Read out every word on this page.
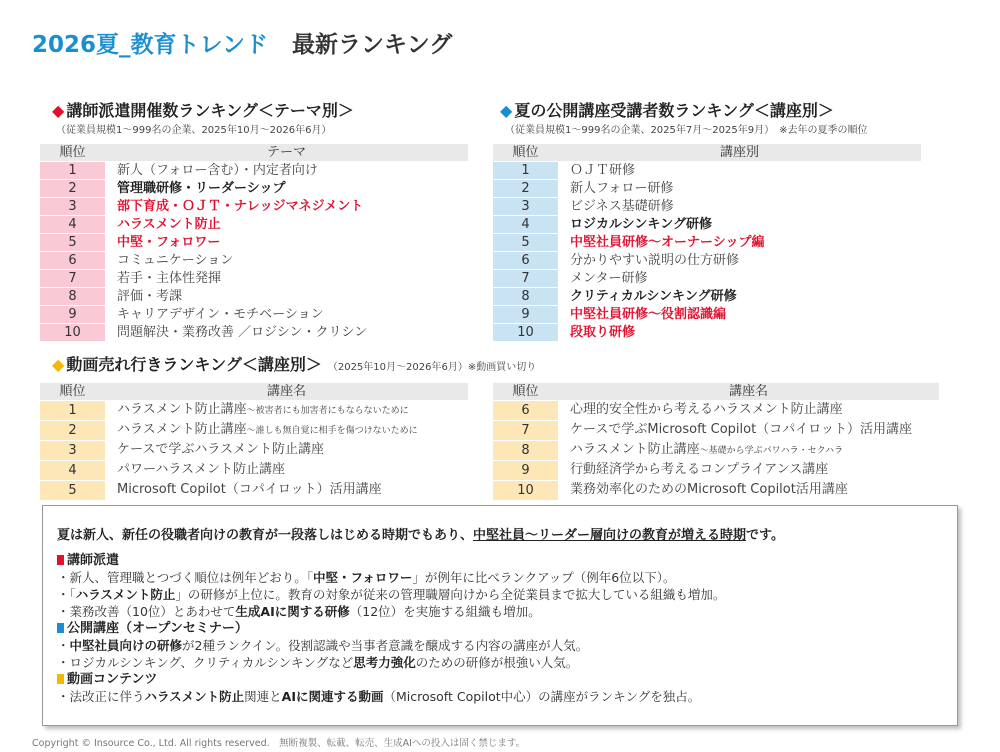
2026夏_教育トレンド 最新ランキング
◆ 講師派遣開催数ランキング＜テーマ別＞
（従業員規模1～999名の企業、2025年10月～2026年6月）
順位	テーマ
1	新人（フォロー含む）・内定者向け
2	管理職研修・リーダーシップ
3	部下育成・ＯＪＴ・ナレッジマネジメント
4	ハラスメント防止
5	中堅・フォロワー
6	コミュニケーション
7	若手・主体性発揮
8	評価・考課
9	キャリアデザイン・モチベーション
10	問題解決・業務改善 ／ロジシン・クリシン
◆ 夏の公開講座受講者数ランキング＜講座別＞
（従業員規模1～999名の企業、2025年7月～2025年9月）　※去年の夏季の順位
順位	講座別
1	ＯＪＴ研修
2	新人フォロー研修
3	ビジネス基礎研修
4	ロジカルシンキング研修
5	中堅社員研修～オーナーシップ編
6	分かりやすい説明の仕方研修
7	メンター研修
8	クリティカルシンキング研修
9	中堅社員研修～役割認識編
10	段取り研修
◆ 動画売れ行きランキング＜講座別＞ （2025年10月～2026年6月）※動画買い切り
順位	講座名
1	ハラスメント防止講座～被害者にも加害者にもならないために
2	ハラスメント防止講座～誰しも無自覚に相手を傷つけないために
3	ケースで学ぶハラスメント防止講座
4	パワーハラスメント防止講座
5	Microsoft Copilot（コパイロット）活用講座
順位	講座名
6	心理的安全性から考えるハラスメント防止講座
7	ケースで学ぶMicrosoft Copilot（コパイロット）活用講座
8	ハラスメント防止講座～基礎から学ぶパワハラ・セクハラ
9	行動経済学から考えるコンプライアンス講座
10	業務効率化のためのMicrosoft Copilot活用講座
夏は新人、新任の役職者向けの教育が一段落しはじめる時期でもあり、中堅社員～リーダー層向けの教育が増える時期です。
講師派遣
・新人、管理職とつづく順位は例年どおり。「中堅・フォロワー」が例年に比べランクアップ（例年6位以下）。
・「ハラスメント防止」の研修が上位に。教育の対象が従来の管理職層向けから全従業員まで拡大している組織も増加。
・業務改善（10位）とあわせて生成AIに関する研修（12位）を実施する組織も増加。
公開講座（オープンセミナー）
・中堅社員向けの研修が2種ランクイン。役割認識や当事者意識を醸成する内容の講座が人気。
・ロジカルシンキング、クリティカルシンキングなど思考力強化のための研修が根強い人気。
動画コンテンツ
・法改正に伴うハラスメント防止関連とAIに関連する動画（Microsoft Copilot中心）の講座がランキングを独占。
Copyright © Insource Co., Ltd. All rights reserved.　無断複製、転載、転売、生成AIへの投入は固く禁じます。
